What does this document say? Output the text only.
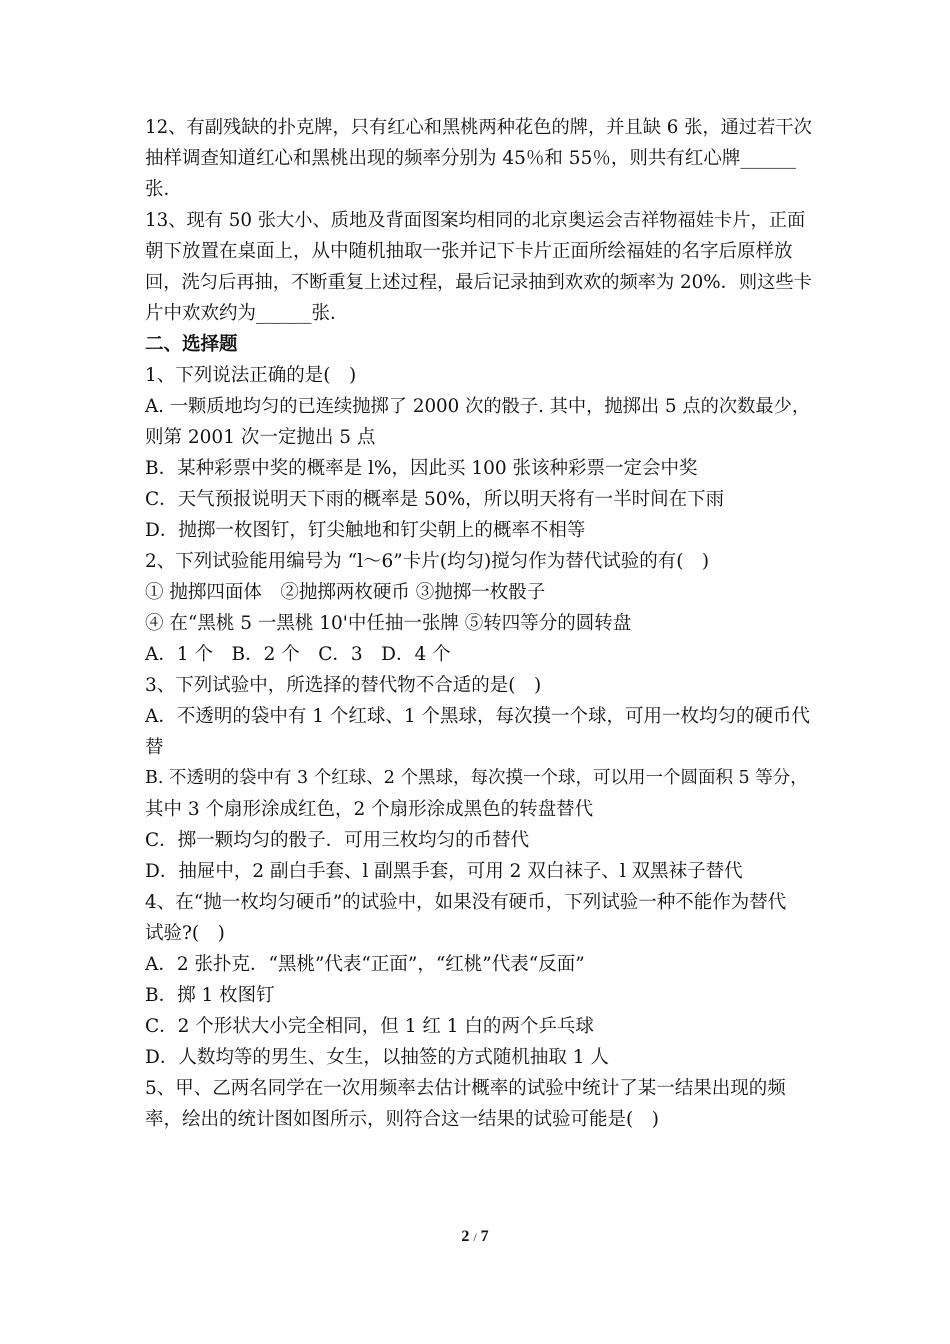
12、有副残缺的扑克牌，只有红心和黑桃两种花色的牌，并且缺 6 张，通过若干次
抽样调查知道红心和黑桃出现的频率分别为 45％和 55％，则共有红心牌______
张．
13、现有 50 张大小、质地及背面图案均相同的北京奥运会吉祥物福娃卡片，正面
朝下放置在桌面上，从中随机抽取一张并记下卡片正面所绘福娃的名字后原样放
回，洗匀后再抽，不断重复上述过程，最后记录抽到欢欢的频率为 20%．则这些卡
片中欢欢约为______张．
二、选择题
1、下列说法正确的是(　)
A. 一颗质地均匀的已连续抛掷了 2000 次的骰子. 其中，抛掷出 5 点的次数最少，
则第 2001 次一定抛出 5 点
B．某种彩票中奖的概率是 l%，因此买 100 张该种彩票一定会中奖
C．天气预报说明天下雨的概率是 50%，所以明天将有一半时间在下雨
D．抛掷一枚图钉，钉尖触地和钉尖朝上的概率不相等
2、下列试验能用编号为 “l～6”卡片(均匀)搅匀作为替代试验的有(　)
① 抛掷四面体　②抛掷两枚硬币 ③抛掷一枚骰子
④ 在“黑桃 5 一黑桃 10'中任抽一张牌 ⑤转四等分的圆转盘
A．1 个　B．2 个　C．3　D．4 个
3、下列试验中，所选择的替代物不合适的是(　)
A．不透明的袋中有 1 个红球、1 个黑球，每次摸一个球，可用一枚均匀的硬币代
替
B. 不透明的袋中有 3 个红球、2 个黑球，每次摸一个球，可以用一个圆面积 5 等分，
其中 3 个扇形涂成红色，2 个扇形涂成黑色的转盘替代
C．掷一颗均匀的骰子．可用三枚均匀的币替代
D．抽屉中，2 副白手套、l 副黑手套，可用 2 双白袜子、l 双黑袜子替代
4、在“抛一枚均匀硬币”的试验中，如果没有硬币，下列试验一种不能作为替代
试验?(　)
A．2 张扑克．“黑桃”代表“正面”，“红桃”代表“反面”
B．掷 1 枚图钉
C．2 个形状大小完全相同，但 1 红 1 白的两个乒乓球
D．人数均等的男生、女生，以抽签的方式随机抽取 1 人
5、甲、乙两名同学在一次用频率去估计概率的试验中统计了某一结果出现的频
率，绘出的统计图如图所示，则符合这一结果的试验可能是(　)
2 / 7
